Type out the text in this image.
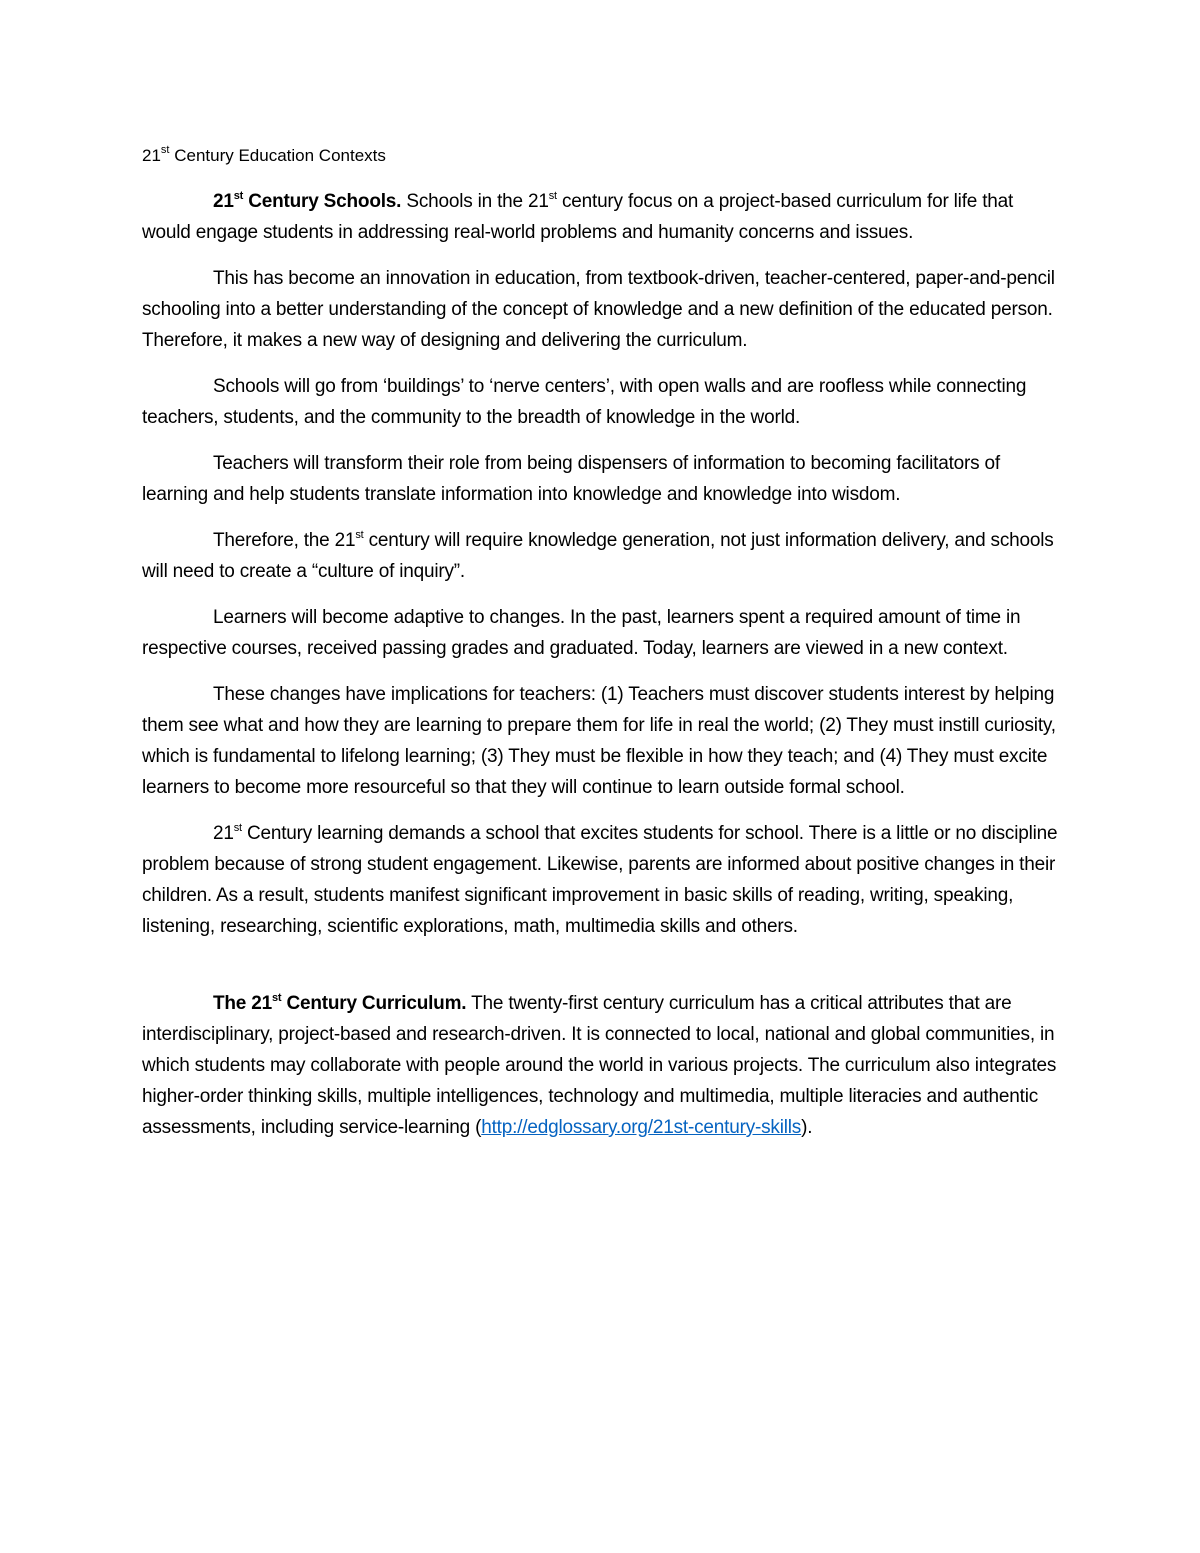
21st Century Education Contexts

21st Century Schools. Schools in the 21st century focus on a project-based curriculum for life that would engage students in addressing real-world problems and humanity concerns and issues.

This has become an innovation in education, from textbook-driven, teacher-centered, paper-and-pencil schooling into a better understanding of the concept of knowledge and a new definition of the educated person. Therefore, it makes a new way of designing and delivering the curriculum.

Schools will go from ‘buildings’ to ‘nerve centers’, with open walls and are roofless while connecting teachers, students, and the community to the breadth of knowledge in the world.

Teachers will transform their role from being dispensers of information to becoming facilitators of learning and help students translate information into knowledge and knowledge into wisdom.

Therefore, the 21st century will require knowledge generation, not just information delivery, and schools will need to create a “culture of inquiry”.

Learners will become adaptive to changes. In the past, learners spent a required amount of time in respective courses, received passing grades and graduated. Today, learners are viewed in a new context.

These changes have implications for teachers: (1) Teachers must discover students interest by helping them see what and how they are learning to prepare them for life in real the world; (2) They must instill curiosity, which is fundamental to lifelong learning; (3) They must be flexible in how they teach; and (4) They must excite learners to become more resourceful so that they will continue to learn outside formal school.

21st Century learning demands a school that excites students for school. There is a little or no discipline problem because of strong student engagement. Likewise, parents are informed about positive changes in their children. As a result, students manifest significant improvement in basic skills of reading, writing, speaking, listening, researching, scientific explorations, math, multimedia skills and others.

The 21st Century Curriculum. The twenty-first century curriculum has a critical attributes that are interdisciplinary, project-based and research-driven. It is connected to local, national and global communities, in which students may collaborate with people around the world in various projects. The curriculum also integrates higher-order thinking skills, multiple intelligences, technology and multimedia, multiple literacies and authentic assessments, including service-learning (http://edglossary.org/21st-century-skills).
